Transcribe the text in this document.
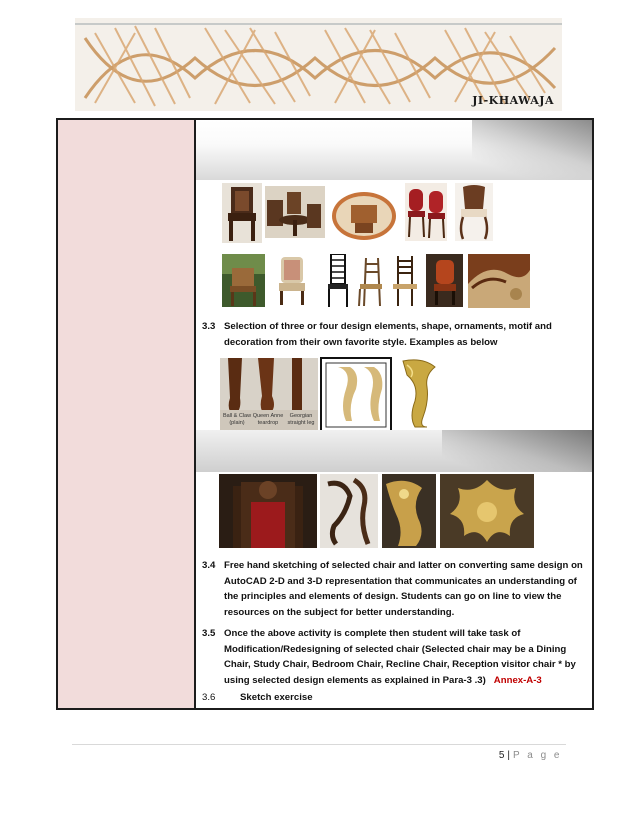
JI-KHAWAJA
3.3 Selection of three or four design elements, shape, ornaments, motif and decoration from their own favorite style. Examples as below
Ball & Claw
(plain)
Queen Anne
teardrop
Georgian
straight leg
3.4 Free hand sketching of selected chair and latter on converting same design on AutoCAD 2-D and 3-D representation that communicates an understanding of the principles and elements of design. Students can go on line to view the resources on the subject for better understanding.
3.5 Once the above activity is complete then student will take task of Modification/Redesigning of selected chair (Selected chair may be a Dining Chair, Study Chair, Bedroom Chair, Recline Chair, Reception visitor chair * by using selected design elements as explained in Para-3 .3) Annex-A-3
3.6	Sketch exercise
5 | P a g e
